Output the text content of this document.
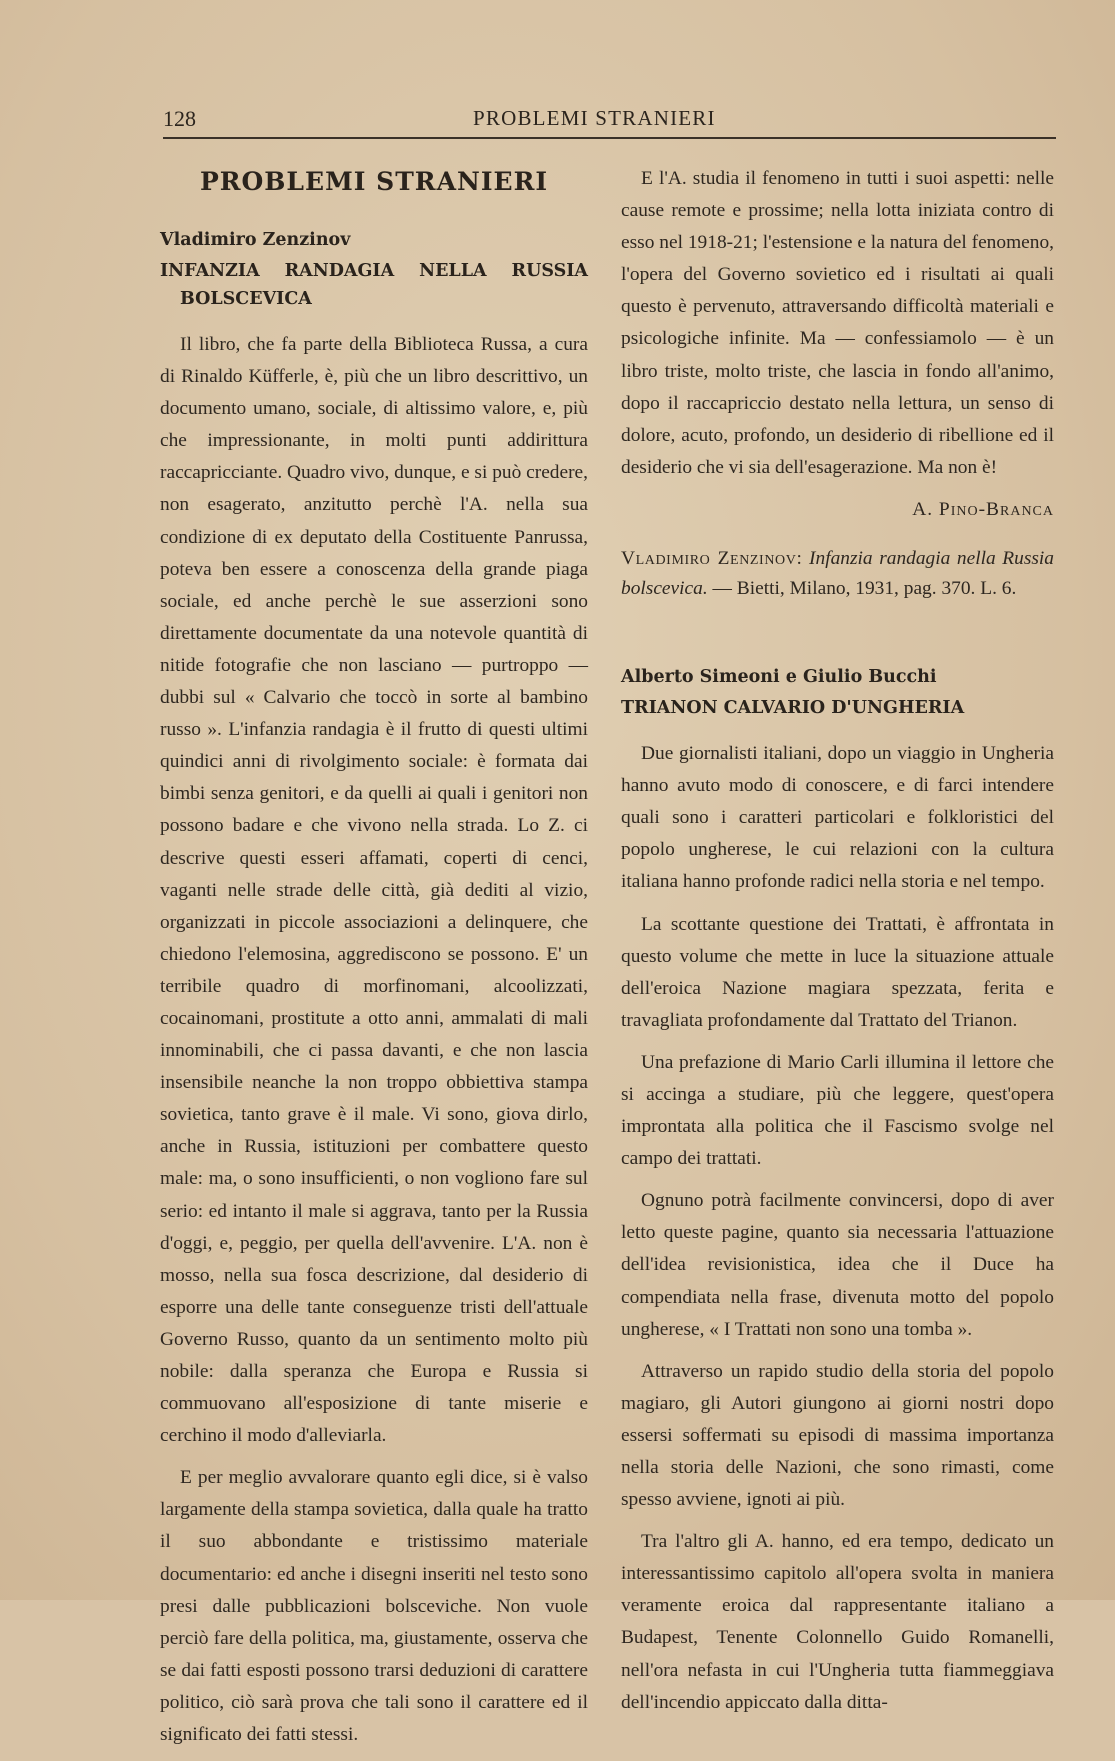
128	PROBLEMI STRANIERI
PROBLEMI STRANIERI

Vladimiro Zenzinov

INFANZIA RANDAGIA NELLA RUSSIA
BOLSCEVICA

Il libro, che fa parte della Biblioteca Russa, a cura di Rinaldo Küfferle, è, più che un libro descrittivo, un documento umano, sociale, di altissimo valore, e, più che impressionante, in molti punti addirittura raccapricciante. Quadro vivo, dunque, e si può credere, non esagerato, anzitutto perchè l'A. nella sua condizione di ex deputato della Costituente Panrussa, poteva ben essere a conoscenza della grande piaga sociale, ed anche perchè le sue asserzioni sono direttamente documentate da una notevole quantità di nitide fotografie che non lasciano — purtroppo — dubbi sul « Calvario che toccò in sorte al bambino russo ». L'infanzia randagia è il frutto di questi ultimi quindici anni di rivolgimento sociale: è formata dai bimbi senza genitori, e da quelli ai quali i genitori non possono badare e che vivono nella strada. Lo Z. ci descrive questi esseri affamati, coperti di cenci, vaganti nelle strade delle città, già dediti al vizio, organizzati in piccole associazioni a delinquere, che chiedono l'elemosina, aggrediscono se possono. E' un terribile quadro di morfinomani, alcoolizzati, cocainomani, prostitute a otto anni, ammalati di mali innominabili, che ci passa davanti, e che non lascia insensibile neanche la non troppo obbiettiva stampa sovietica, tanto grave è il male. Vi sono, giova dirlo, anche in Russia, istituzioni per combattere questo male: ma, o sono insufficienti, o non vogliono fare sul serio: ed intanto il male si aggrava, tanto per la Russia d'oggi, e, peggio, per quella dell'avvenire. L'A. non è mosso, nella sua fosca descrizione, dal desiderio di esporre una delle tante conseguenze tristi dell'attuale Governo Russo, quanto da un sentimento molto più nobile: dalla speranza che Europa e Russia si commuovano all'esposizione di tante miserie e cerchino il modo d'alleviarla.

E per meglio avvalorare quanto egli dice, si è valso largamente della stampa sovietica, dalla quale ha tratto il suo abbondante e tristissimo materiale documentario: ed anche i disegni inseriti nel testo sono presi dalle pubblicazioni bolsceviche. Non vuole perciò fare della politica, ma, giustamente, osserva che se dai fatti esposti possono trarsi deduzioni di carattere politico, ciò sarà prova che tali sono il carattere ed il significato dei fatti stessi.

E l'A. studia il fenomeno in tutti i suoi aspetti: nelle cause remote e prossime; nella lotta iniziata contro di esso nel 1918-21; l'estensione e la natura del fenomeno, l'opera del Governo sovietico ed i risultati ai quali questo è pervenuto, attraversando difficoltà materiali e psicologiche infinite. Ma — confessiamolo — è un libro triste, molto triste, che lascia in fondo all'animo, dopo il raccapriccio destato nella lettura, un senso di dolore, acuto, profondo, un desiderio di ribellione ed il desiderio che vi sia dell'esagerazione. Ma non è!

A. Pino-Branca

Vladimiro Zenzinov: Infanzia randagia nella Russia bolscevica. — Bietti, Milano, 1931, pag. 370. L. 6.

Alberto Simeoni e Giulio Bucchi

TRIANON CALVARIO D'UNGHERIA

Due giornalisti italiani, dopo un viaggio in Ungheria hanno avuto modo di conoscere, e di farci intendere quali sono i caratteri particolari e folkloristici del popolo ungherese, le cui relazioni con la cultura italiana hanno profonde radici nella storia e nel tempo.

La scottante questione dei Trattati, è affrontata in questo volume che mette in luce la situazione attuale dell'eroica Nazione magiara spezzata, ferita e travagliata profondamente dal Trattato del Trianon.

Una prefazione di Mario Carli illumina il lettore che si accinga a studiare, più che leggere, quest'opera improntata alla politica che il Fascismo svolge nel campo dei trattati.

Ognuno potrà facilmente convincersi, dopo di aver letto queste pagine, quanto sia necessaria l'attuazione dell'idea revisionistica, idea che il Duce ha compendiata nella frase, divenuta motto del popolo ungherese, « I Trattati non sono una tomba ».

Attraverso un rapido studio della storia del popolo magiaro, gli Autori giungono ai giorni nostri dopo essersi soffermati su episodi di massima importanza nella storia delle Nazioni, che sono rimasti, come spesso avviene, ignoti ai più.

Tra l'altro gli A. hanno, ed era tempo, dedicato un interessantissimo capitolo all'opera svolta in maniera veramente eroica dal rappresentante italiano a Budapest, Tenente Colonnello Guido Romanelli, nell'ora nefasta in cui l'Ungheria tutta fiammeggiava dell'incendio appiccato dalla ditta-
